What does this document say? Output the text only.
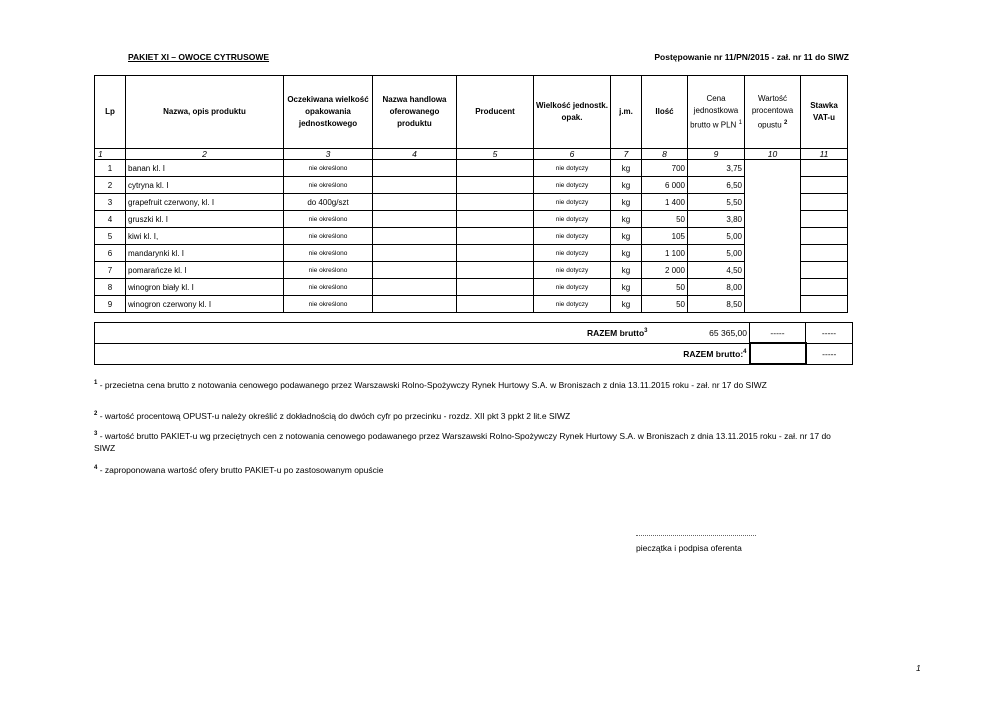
PAKIET XI – OWOCE CYTRUSOWE	Postępowanie nr 11/PN/2015 - zał. nr 11 do SIWZ
Lp	Nazwa, opis produktu	Oczekiwana wielkość opakowania jednostkowego	Nazwa handlowa oferowanego produktu	Producent	Wielkość jednostk. opak.	j.m.	Ilość	Cena jednostkowa brutto w PLN $^1$	Wartość procentowa opustu $^2$	Stawka VAT-u
1	2	3	4	5	6	7	8	9	10	11
1	banan kl. I	nie określono			nie dotyczy	kg	700	3,75		
2	cytryna kl. I	nie określono			nie dotyczy	kg	6 000	6,50		
3	grapefruit czerwony, kl. I	do 400g/szt			nie dotyczy	kg	1 400	5,50		
4	gruszki kl. I	nie określono			nie dotyczy	kg	50	3,80		
5	kiwi kl. I,	nie określono			nie dotyczy	kg	105	5,00		
6	mandarynki kl. I	nie określono			nie dotyczy	kg	1 100	5,00		
7	pomarańcze kl. I	nie określono			nie dotyczy	kg	2 000	4,50		
8	winogron biały kl. I	nie określono			nie dotyczy	kg	50	8,00		
9	winogron czerwony kl. I	nie określono			nie dotyczy	kg	50	8,50		
RAZEM brutto$^3$	65 365,00	-----	-----
RAZEM brutto:$^4$			-----
$^1$ - przecietna cena brutto z notowania cenowego podawanego przez Warszawski Rolno-Spożywczy Rynek Hurtowy S.A. w Broniszach z dnia 13.11.2015 roku - zał. nr 17 do SIWZ
$^2$ - wartość procentową OPUST-u należy określić z dokładnością do dwóch cyfr po przecinku - rozdz. XII pkt 3 ppkt 2 lit.e SIWZ
$^3$ - wartość brutto PAKIET-u wg przeciętnych cen z notowania cenowego podawanego przez Warszawski Rolno-Spożywczy Rynek Hurtowy S.A. w Broniszach z dnia 13.11.2015 roku - zał. nr 17 do SIWZ
$^4$ - zaproponowana wartość ofery brutto PAKIET-u po zastosowanym opuście
pieczątka i podpisa oferenta
1
